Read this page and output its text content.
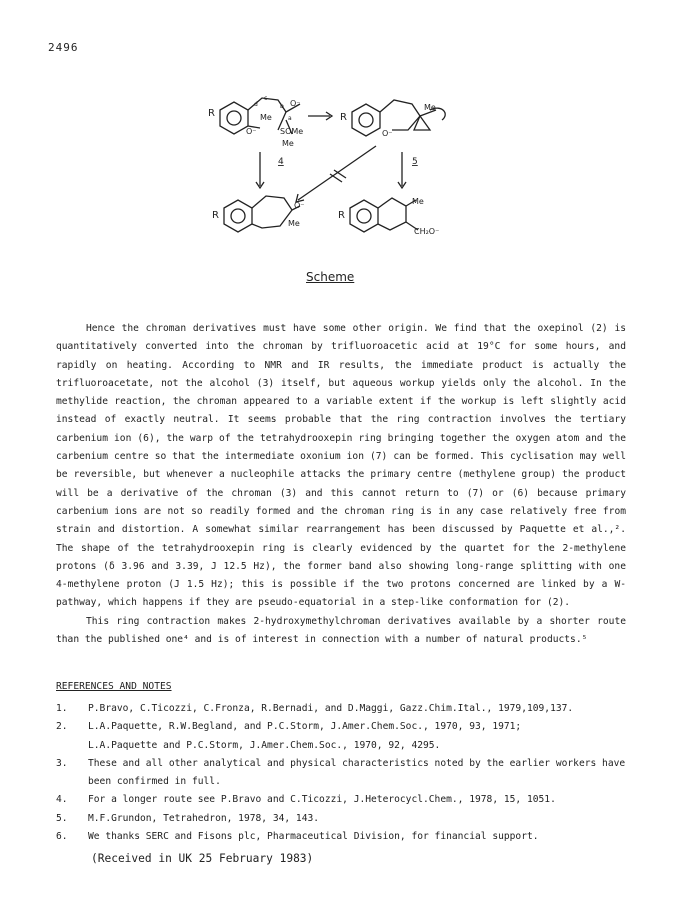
2496
R	Me
O⁻
O⁻	SOMe
Me
c
d	b
a	R
Me
O⁻
4	5
R
O⁻
Me
R
Me
CH₂O⁻
Scheme

Hence the chroman derivatives must have some other origin. We find that the oxepinol (2) is quantitatively converted into the chroman by trifluoroacetic acid at 19°C for some hours, and rapidly on heating. According to NMR and IR results, the immediate product is actually the trifluoroacetate, not the alcohol (3) itself, but aqueous workup yields only the alcohol. In the methylide reaction, the chroman appeared to a variable extent if the workup is left slightly acid instead of exactly neutral. It seems probable that the ring contraction involves the tertiary carbenium ion (6), the warp of the tetrahydrooxepin ring bringing together the oxygen atom and the carbenium centre so that the intermediate oxonium ion (7) can be formed. This cyclisation may well be reversible, but whenever a nucleophile attacks the primary centre (methylene group) the product will be a derivative of the chroman (3) and this cannot return to (7) or (6) because primary carbenium ions are not so readily formed and the chroman ring is in any case relatively free from strain and distortion. A somewhat similar rearrangement has been discussed by Paquette et al.,². The shape of the tetrahydrooxepin ring is clearly evidenced by the quartet for the 2-methylene protons (δ 3.96 and 3.39, J 12.5 Hz), the former band also showing long-range splitting with one 4-methylene proton (J 1.5 Hz); this is possible if the two protons concerned are linked by a W-pathway, which happens if they are pseudo-equatorial in a step-like conformation for (2).

This ring contraction makes 2-hydroxymethylchroman derivatives available by a shorter route than the published one⁴ and is of interest in connection with a number of natural products.⁵

REFERENCES AND NOTES
1.	P.Bravo, C.Ticozzi, C.Fronza, R.Bernadi, and D.Maggi, Gazz.Chim.Ital., 1979,109,137.
2.	L.A.Paquette, R.W.Begland, and P.C.Storm, J.Amer.Chem.Soc., 1970, 93, 1971;
L.A.Paquette and P.C.Storm, J.Amer.Chem.Soc., 1970, 92, 4295.
3.	These and all other analytical and physical characteristics noted by the earlier workers have been confirmed in full.
4.	For a longer route see P.Bravo and C.Ticozzi, J.Heterocycl.Chem., 1978, 15, 1051.
5.	M.F.Grundon, Tetrahedron, 1978, 34, 143.
6.	We thanks SERC and Fisons plc, Pharmaceutical Division, for financial support.
(Received in UK 25 February 1983)
